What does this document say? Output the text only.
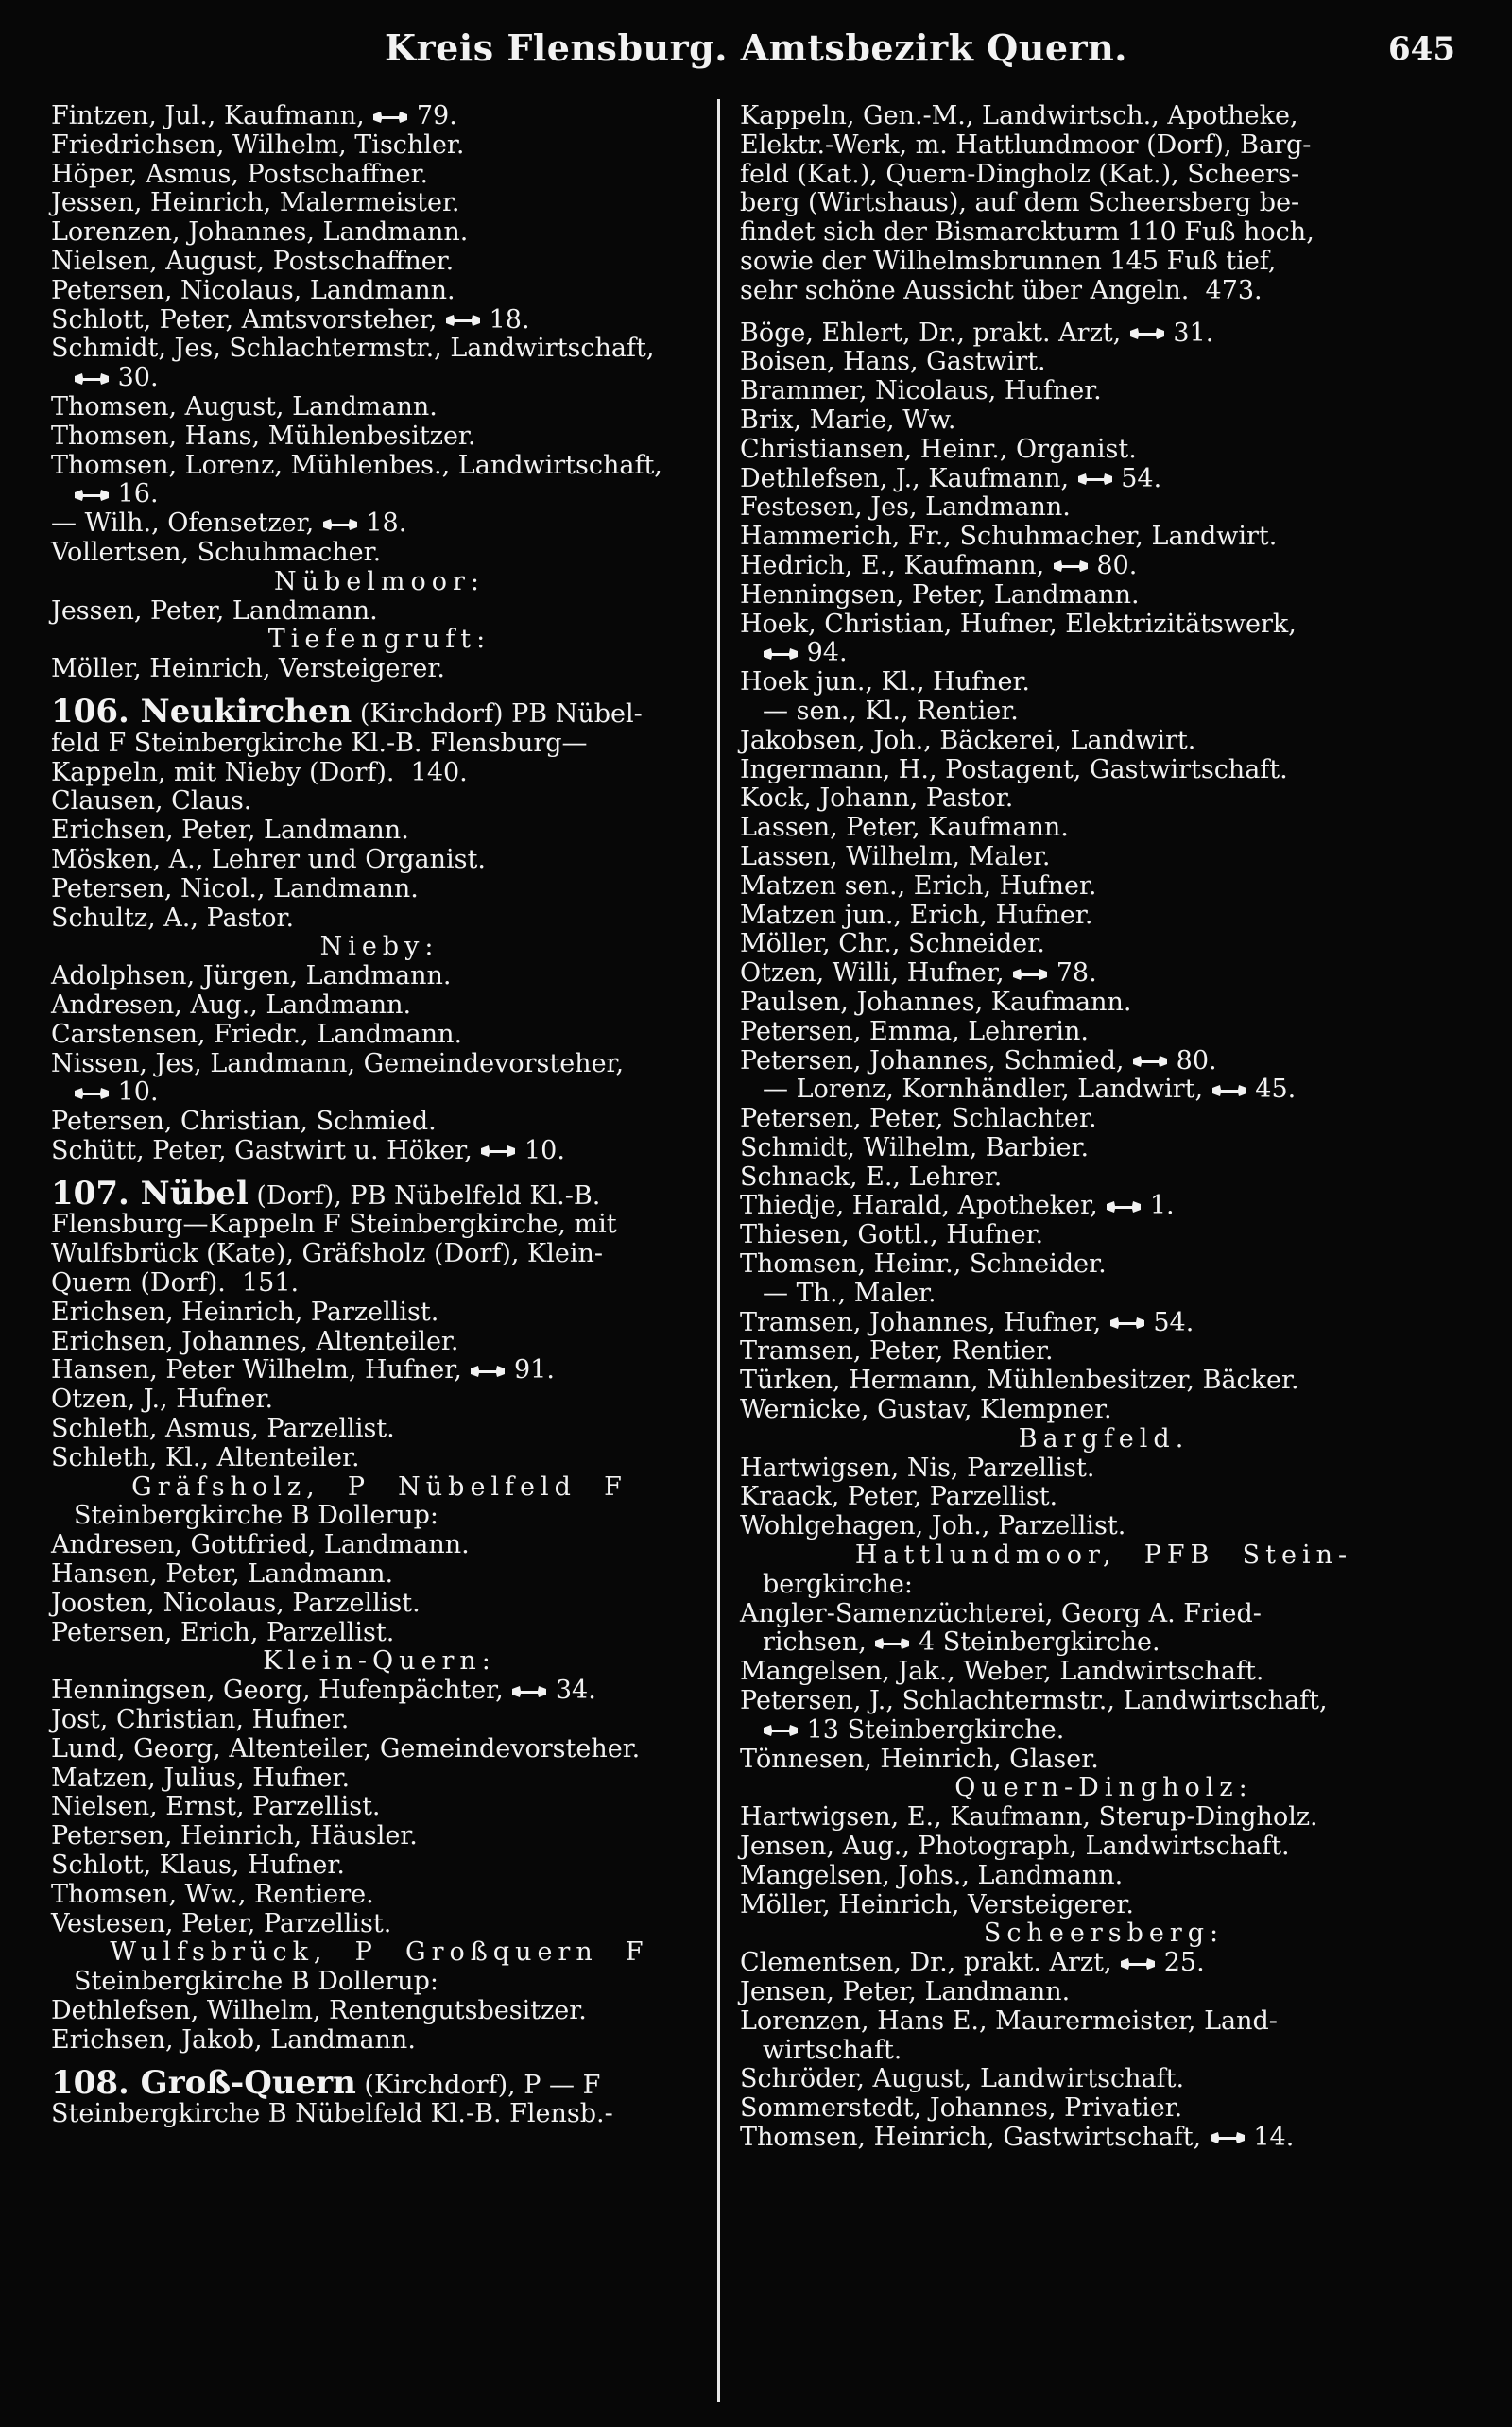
Kreis Flensburg. Amtsbezirk Quern.	645
Fintzen, Jul., Kaufmann,  79.
Friedrichsen, Wilhelm, Tischler.
Höper, Asmus, Postschaffner.
Jessen, Heinrich, Malermeister.
Lorenzen, Johannes, Landmann.
Nielsen, August, Postschaffner.
Petersen, Nicolaus, Landmann.
Schlott, Peter, Amtsvorsteher,  18.
Schmidt, Jes, Schlachtermstr., Landwirtschaft,
30.
Thomsen, August, Landmann.
Thomsen, Hans, Mühlenbesitzer.
Thomsen, Lorenz, Mühlenbes., Landwirtschaft,
16.
— Wilh., Ofensetzer,  18.
Vollertsen, Schuhmacher.
Nübelmoor:
Jessen, Peter, Landmann.
Tiefengruft:
Möller, Heinrich, Versteigerer.
106. Neukirchen (Kirchdorf) PB Nübel-
feld F Steinbergkirche Kl.-B. Flensburg—
Kappeln, mit Nieby (Dorf).  140.
Clausen, Claus.
Erichsen, Peter, Landmann.
Mösken, A., Lehrer und Organist.
Petersen, Nicol., Landmann.
Schultz, A., Pastor.
Nieby:
Adolphsen, Jürgen, Landmann.
Andresen, Aug., Landmann.
Carstensen, Friedr., Landmann.
Nissen, Jes, Landmann, Gemeindevorsteher,
10.
Petersen, Christian, Schmied.
Schütt, Peter, Gastwirt u. Höker,  10.
107. Nübel (Dorf), PB Nübelfeld Kl.-B.
Flensburg—Kappeln F Steinbergkirche, mit
Wulfsbrück (Kate), Gräfsholz (Dorf), Klein-
Quern (Dorf).  151.
Erichsen, Heinrich, Parzellist.
Erichsen, Johannes, Altenteiler.
Hansen, Peter Wilhelm, Hufner,  91.
Otzen, J., Hufner.
Schleth, Asmus, Parzellist.
Schleth, Kl., Altenteiler.
Gräfsholz,  P  Nübelfeld  F
Steinbergkirche B Dollerup:
Andresen, Gottfried, Landmann.
Hansen, Peter, Landmann.
Joosten, Nicolaus, Parzellist.
Petersen, Erich, Parzellist.
Klein-Quern:
Henningsen, Georg, Hufenpächter,  34.
Jost, Christian, Hufner.
Lund, Georg, Altenteiler, Gemeindevorsteher.
Matzen, Julius, Hufner.
Nielsen, Ernst, Parzellist.
Petersen, Heinrich, Häusler.
Schlott, Klaus, Hufner.
Thomsen, Ww., Rentiere.
Vestesen, Peter, Parzellist.
Wulfsbrück,  P  Großquern  F
Steinbergkirche B Dollerup:
Dethlefsen, Wilhelm, Rentengutsbesitzer.
Erichsen, Jakob, Landmann.
108. Groß-Quern (Kirchdorf), P — F
Steinbergkirche B Nübelfeld Kl.-B. Flensb.-
Kappeln, Gen.-M., Landwirtsch., Apotheke,
Elektr.-Werk, m. Hattlundmoor (Dorf), Barg-
feld (Kat.), Quern-Dingholz (Kat.), Scheers-
berg (Wirtshaus), auf dem Scheersberg be-
findet sich der Bismarckturm 110 Fuß hoch,
sowie der Wilhelmsbrunnen 145 Fuß tief,
sehr schöne Aussicht über Angeln.  473.
Böge, Ehlert, Dr., prakt. Arzt,  31.
Boisen, Hans, Gastwirt.
Brammer, Nicolaus, Hufner.
Brix, Marie, Ww.
Christiansen, Heinr., Organist.
Dethlefsen, J., Kaufmann,  54.
Festesen, Jes, Landmann.
Hammerich, Fr., Schuhmacher, Landwirt.
Hedrich, E., Kaufmann,  80.
Henningsen, Peter, Landmann.
Hoek, Christian, Hufner, Elektrizitätswerk,
94.
Hoek jun., Kl., Hufner.
— sen., Kl., Rentier.
Jakobsen, Joh., Bäckerei, Landwirt.
Ingermann, H., Postagent, Gastwirtschaft.
Kock, Johann, Pastor.
Lassen, Peter, Kaufmann.
Lassen, Wilhelm, Maler.
Matzen sen., Erich, Hufner.
Matzen jun., Erich, Hufner.
Möller, Chr., Schneider.
Otzen, Willi, Hufner,  78.
Paulsen, Johannes, Kaufmann.
Petersen, Emma, Lehrerin.
Petersen, Johannes, Schmied,  80.
— Lorenz, Kornhändler, Landwirt,  45.
Petersen, Peter, Schlachter.
Schmidt, Wilhelm, Barbier.
Schnack, E., Lehrer.
Thiedje, Harald, Apotheker,  1.
Thiesen, Gottl., Hufner.
Thomsen, Heinr., Schneider.
— Th., Maler.
Tramsen, Johannes, Hufner,  54.
Tramsen, Peter, Rentier.
Türken, Hermann, Mühlenbesitzer, Bäcker.
Wernicke, Gustav, Klempner.
Bargfeld.
Hartwigsen, Nis, Parzellist.
Kraack, Peter, Parzellist.
Wohlgehagen, Joh., Parzellist.
Hattlundmoor,  PFB  Stein-
bergkirche:
Angler-Samenzüchterei, Georg A. Fried-
richsen,  4 Steinbergkirche.
Mangelsen, Jak., Weber, Landwirtschaft.
Petersen, J., Schlachtermstr., Landwirtschaft,
13 Steinbergkirche.
Tönnesen, Heinrich, Glaser.
Quern-Dingholz:
Hartwigsen, E., Kaufmann, Sterup-Dingholz.
Jensen, Aug., Photograph, Landwirtschaft.
Mangelsen, Johs., Landmann.
Möller, Heinrich, Versteigerer.
Scheersberg:
Clementsen, Dr., prakt. Arzt,  25.
Jensen, Peter, Landmann.
Lorenzen, Hans E., Maurermeister, Land-
wirtschaft.
Schröder, August, Landwirtschaft.
Sommerstedt, Johannes, Privatier.
Thomsen, Heinrich, Gastwirtschaft,  14.
